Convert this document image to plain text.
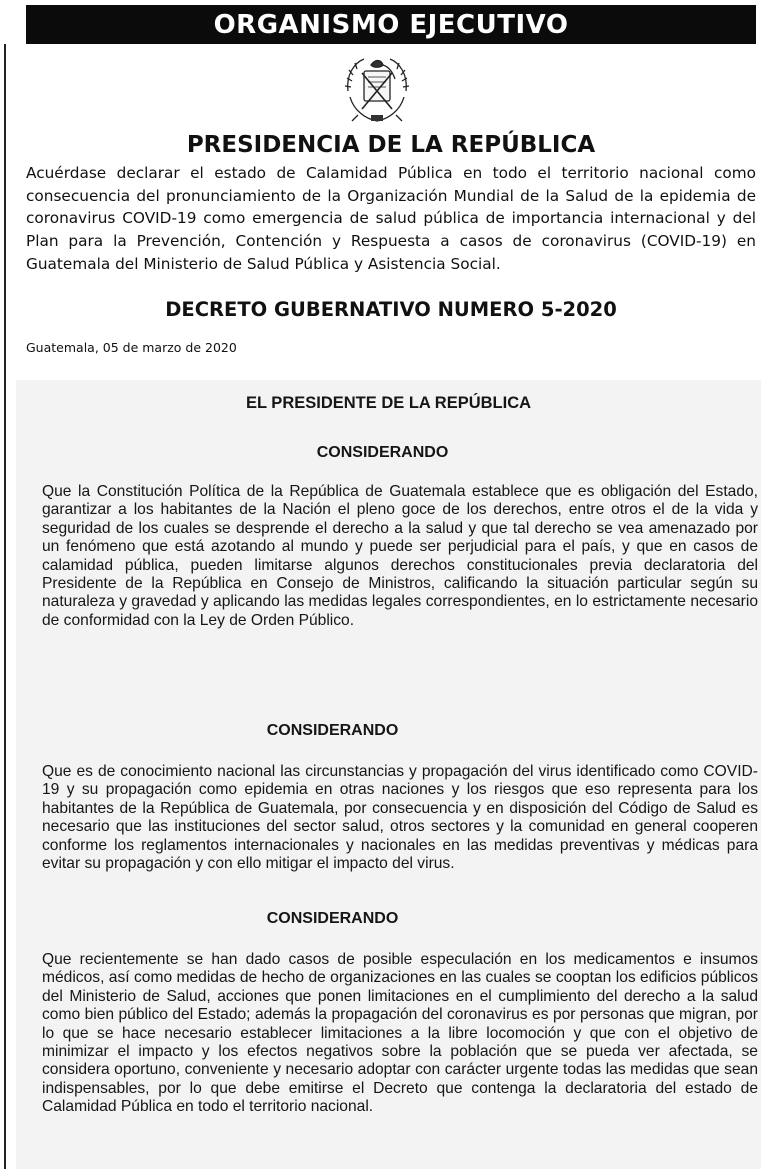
ORGANISMO EJECUTIVO
PRESIDENCIA DE LA REPÚBLICA
Acuérdase declarar el estado de Calamidad Pública en todo el territorio nacional como consecuencia del pronunciamiento de la Organización Mundial de la Salud de la epidemia de coronavirus COVID-19 como emergencia de salud pública de importancia internacional y del Plan para la Prevención, Contención y Respuesta a casos de coronavirus (COVID-19) en Guatemala del Ministerio de Salud Pública y Asistencia Social.
DECRETO GUBERNATIVO NUMERO 5-2020
Guatemala, 05 de marzo de 2020
EL PRESIDENTE DE LA REPÚBLICA
CONSIDERANDO

Que la Constitución Política de la República de Guatemala establece que es obligación del Estado, garantizar a los habitantes de la Nación el pleno goce de los derechos, entre otros el de la vida y seguridad de los cuales se desprende el derecho a la salud y que tal derecho se vea amenazado por un fenómeno que está azotando al mundo y puede ser perjudicial para el país, y que en casos de calamidad pública, pueden limitarse algunos derechos constitucionales previa declaratoria del Presidente de la República en Consejo de Ministros, calificando la situación particular según su naturaleza y gravedad y aplicando las medidas legales correspondientes, en lo estrictamente necesario de conformidad con la Ley de Orden Público.

CONSIDERANDO

Que es de conocimiento nacional las circunstancias y propagación del virus identificado como COVID-19 y su propagación como epidemia en otras naciones y los riesgos que eso representa para los habitantes de la República de Guatemala, por consecuencia y en disposición del Código de Salud es necesario que las instituciones del sector salud, otros sectores y la comunidad en general cooperen conforme los reglamentos internacionales y nacionales en las medidas preventivas y médicas para evitar su propagación y con ello mitigar el impacto del virus.

CONSIDERANDO

Que recientemente se han dado casos de posible especulación en los medicamentos e insumos médicos, así como medidas de hecho de organizaciones en las cuales se cooptan los edificios públicos del Ministerio de Salud, acciones que ponen limitaciones en el cumplimiento del derecho a la salud como bien público del Estado; además la propagación del coronavirus es por personas que migran, por lo que se hace necesario establecer limitaciones a la libre locomoción y que con el objetivo de minimizar el impacto y los efectos negativos sobre la población que se pueda ver afectada, se considera oportuno, conveniente y necesario adoptar con carácter urgente todas las medidas que sean indispensables, por lo que debe emitirse el Decreto que contenga la declaratoria del estado de Calamidad Pública en todo el territorio nacional.
